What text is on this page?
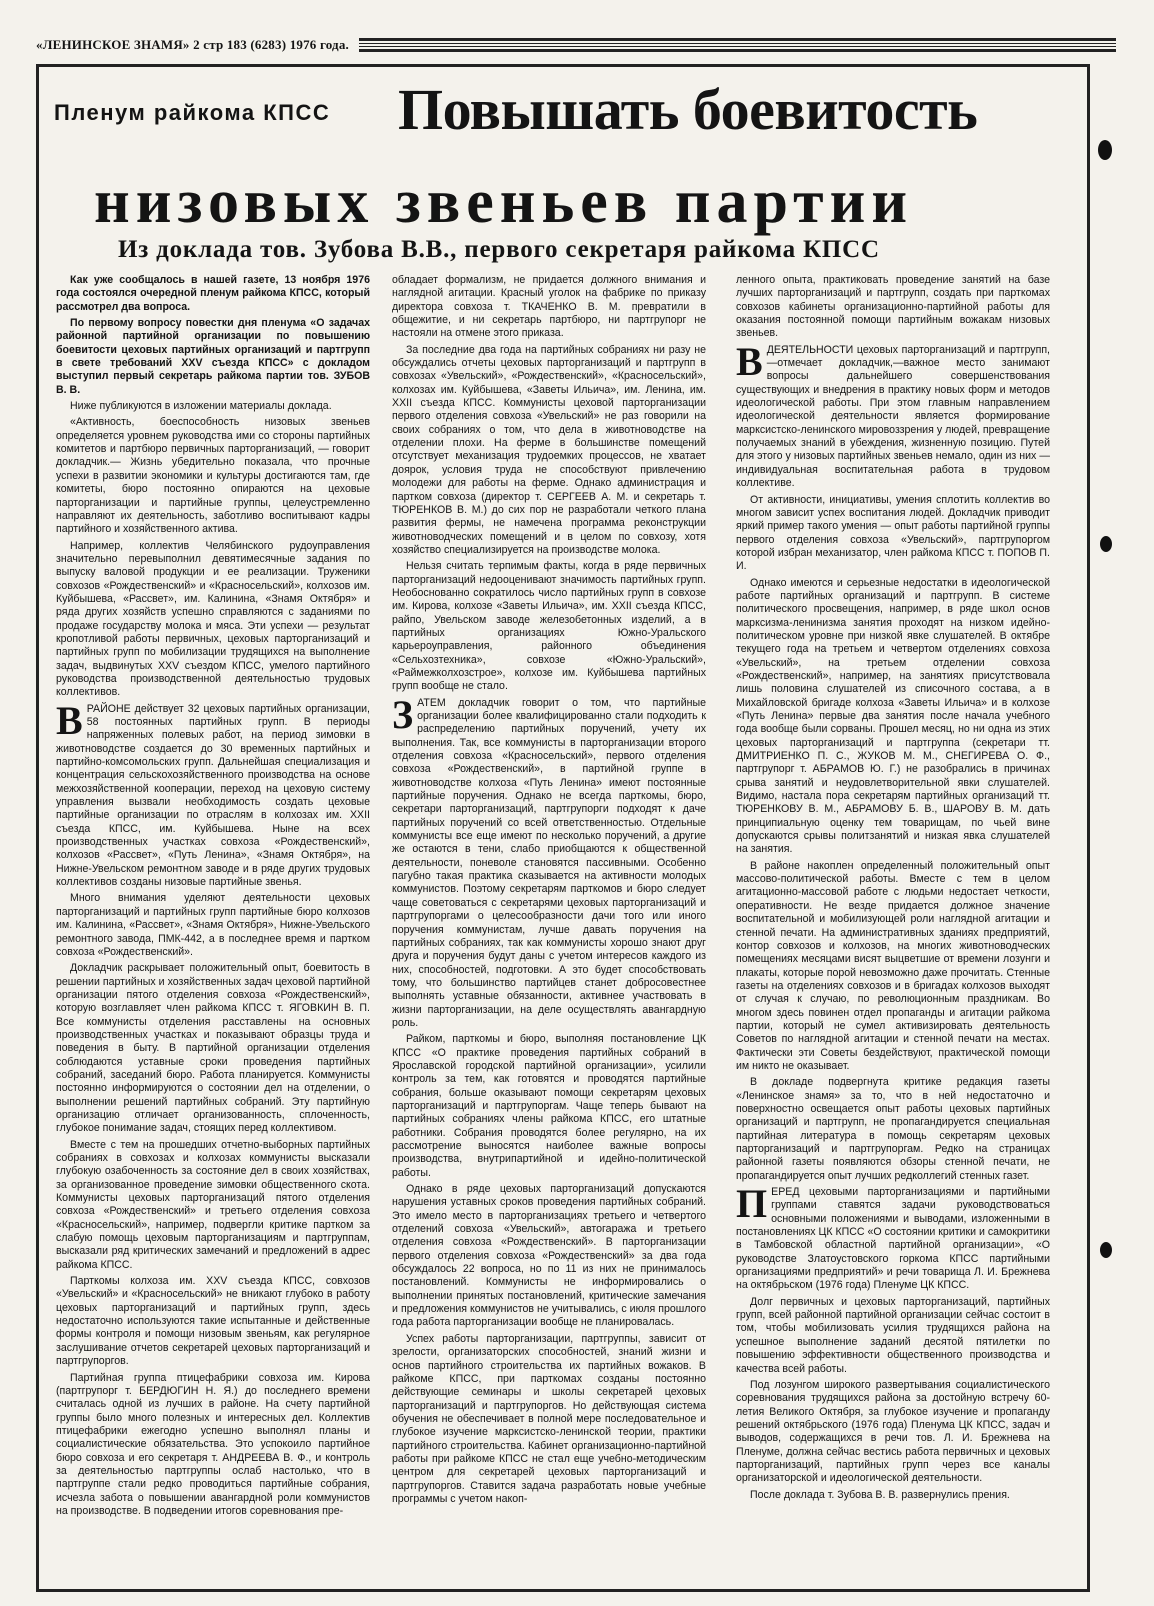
«ЛЕНИНСКОЕ ЗНАМЯ» 2 стр 183 (6283) 1976 года.
Пленум райкома КПСС Повышать боевитость
низовых звеньев партии
Из доклада тов. Зубова В.В., первого секретаря райкома КПСС

Как уже сообщалось в нашей газете, 13 ноября 1976 года состоялся очередной пленум райкома КПСС, который рассмотрел два вопроса.

По первому вопросу повестки дня пленума «О задачах районной партийной организации по повышению боевитости цеховых партийных организаций и партгрупп в свете требований XXV съезда КПСС» с докладом выступил первый секретарь райкома партии тов. ЗУБОВ В. В.

Ниже публикуются в изложении материалы доклада.

«Активность, боеспособность низовых звеньев определяется уровнем руководства ими со стороны партийных комитетов и партбюро первичных парторганизаций, — говорит докладчик.— Жизнь убедительно показала, что прочные успехи в развитии экономики и культуры достигаются там, где комитеты, бюро постоянно опираются на цеховые парторганизации и партийные группы, целеустремленно направляют их деятельность, заботливо воспитывают кадры партийного и хозяйственного актива.

Например, коллектив Челябинского рудоуправления значительно перевыполнил девятимесячные задания по выпуску валовой продукции и ее реализации. Труженики совхозов «Рождественский» и «Красносельский», колхозов им. Куйбышева, «Рассвет», им. Калинина, «Знамя Октября» и ряда других хозяйств успешно справляются с заданиями по продаже государству молока и мяса. Эти успехи — результат кропотливой работы первичных, цеховых парторганизаций и партийных групп по мобилизации трудящихся на выполнение задач, выдвинутых XXV съездом КПСС, умелого партийного руководства производственной деятельностью трудовых коллективов.

В РАЙОНЕ действует 32 цеховых партийных организации, 58 постоянных партийных групп. В периоды напряженных полевых работ, на период зимовки в животноводстве создается до 30 временных партийных и партийно-комсомольских групп. Дальнейшая специализация и концентрация сельскохозяйственного производства на основе межхозяйственной кооперации, переход на цеховую систему управления вызвали необходимость создать цеховые партийные организации по отраслям в колхозах им. XXII съезда КПСС, им. Куйбышева. Ныне на всех производственных участках совхоза «Рождественский», колхозов «Рассвет», «Путь Ленина», «Знамя Октября», на Нижне-Увельском ремонтном заводе и в ряде других трудовых коллективов созданы низовые партийные звенья.

Много внимания уделяют деятельности цеховых парторганизаций и партийных групп партийные бюро колхозов им. Калинина, «Рассвет», «Знамя Октября», Нижне-Увельского ремонтного завода, ПМК-442, а в последнее время и партком совхоза «Рождественский».

Докладчик раскрывает положительный опыт, боевитость в решении партийных и хозяйственных задач цеховой партийной организации пятого отделения совхоза «Рождественский», которую возглавляет член райкома КПСС т. ЯГОВКИН В. П. Все коммунисты отделения расставлены на основных производственных участках и показывают образцы труда и поведения в быту. В партийной организации отделения соблюдаются уставные сроки проведения партийных собраний, заседаний бюро. Работа планируется. Коммунисты постоянно информируются о состоянии дел на отделении, о выполнении решений партийных собраний. Эту партийную организацию отличает организованность, сплоченность, глубокое понимание задач, стоящих перед коллективом.

Вместе с тем на прошедших отчетно-выборных партийных собраниях в совхозах и колхозах коммунисты высказали глубокую озабоченность за состояние дел в своих хозяйствах, за организованное проведение зимовки общественного скота. Коммунисты цеховых парторганизаций пятого отделения совхоза «Рождественский» и третьего отделения совхоза «Красносельский», например, подвергли критике партком за слабую помощь цеховым парторганизациям и партгруппам, высказали ряд критических замечаний и предложений в адрес райкома КПСС.

Парткомы колхоза им. XXV съезда КПСС, совхозов «Увельский» и «Красносельский» не вникают глубоко в работу цеховых парторганизаций и партийных групп, здесь недостаточно используются такие испытанные и действенные формы контроля и помощи низовым звеньям, как регулярное заслушивание отчетов секретарей цеховых парторганизаций и партгрупоргов.

Партийная группа птицефабрики совхоза им. Кирова (партгрупорг т. БЕРДЮГИН Н. Я.) до последнего времени считалась одной из лучших в районе. На счету партийной группы было много полезных и интересных дел. Коллектив птицефабрики ежегодно успешно выполнял планы и социалистические обязательства. Это успокоило партийное бюро совхоза и его секретаря т. АНДРЕЕВА В. Ф., и контроль за деятельностью партгруппы ослаб настолько, что в партгруппе стали редко проводиться партийные собрания, исчезла забота о повышении авангардной роли коммунистов на производстве. В подведении итогов соревнования пре-

обладает формализм, не придается должного внимания и наглядной агитации. Красный уголок на фабрике по приказу директора совхоза т. ТКАЧЕНКО В. М. превратили в общежитие, и ни секретарь партбюро, ни партгрупорг не настояли на отмене этого приказа.

За последние два года на партийных собраниях ни разу не обсуждались отчеты цеховых парторганизаций и партгрупп в совхозах «Увельский», «Рождественский», «Красносельский», колхозах им. Куйбышева, «Заветы Ильича», им. Ленина, им. XXII съезда КПСС. Коммунисты цеховой парторганизации первого отделения совхоза «Увельский» не раз говорили на своих собраниях о том, что дела в животноводстве на отделении плохи. На ферме в большинстве помещений отсутствует механизация трудоемких процессов, не хватает доярок, условия труда не способствуют привлечению молодежи для работы на ферме. Однако администрация и партком совхоза (директор т. СЕРГЕЕВ А. М. и секретарь т. ТЮРЕНКОВ В. М.) до сих пор не разработали четкого плана развития фермы, не намечена программа реконструкции животноводческих помещений и в целом по совхозу, хотя хозяйство специализируется на производстве молока.

Нельзя считать терпимым факты, когда в ряде первичных парторганизаций недооценивают значимость партийных групп. Необоснованно сократилось число партийных групп в совхозе им. Кирова, колхозе «Заветы Ильича», им. XXII съезда КПСС, райпо, Увельском заводе железобетонных изделий, а в партийных организациях Южно-Уральского карьероуправления, районного объединения «Сельхозтехника», совхозе «Южно-Уральский», «Раймежколхозстрое», колхозе им. Куйбышева партийных групп вообще не стало.

ЗАТЕМ докладчик говорит о том, что партийные организации более квалифицированно стали подходить к распределению партийных поручений, учету их выполнения. Так, все коммунисты в парторганизации второго отделения совхоза «Красносельский», первого отделения совхоза «Рождественский», в партийной группе в животноводстве колхоза «Путь Ленина» имеют постоянные партийные поручения. Однако не всегда парткомы, бюро, секретари парторганизаций, партгрупорги подходят к даче партийных поручений со всей ответственностью. Отдельные коммунисты все еще имеют по несколько поручений, а другие же остаются в тени, слабо приобщаются к общественной деятельности, поневоле становятся пассивными. Особенно пагубно такая практика сказывается на активности молодых коммунистов. Поэтому секретарям парткомов и бюро следует чаще советоваться с секретарями цеховых парторганизаций и партгрупоргами о целесообразности дачи того или иного поручения коммунистам, лучше давать поручения на партийных собраниях, так как коммунисты хорошо знают друг друга и поручения будут даны с учетом интересов каждого из них, способностей, подготовки. А это будет способствовать тому, что большинство партийцев станет добросовестнее выполнять уставные обязанности, активнее участвовать в жизни парторганизации, на деле осуществлять авангардную роль.

Райком, парткомы и бюро, выполняя постановление ЦК КПСС «О практике проведения партийных собраний в Ярославской городской партийной организации», усилили контроль за тем, как готовятся и проводятся партийные собрания, больше оказывают помощи секретарям цеховых парторганизаций и партгрупоргам. Чаще теперь бывают на партийных собраниях члены райкома КПСС, его штатные работники. Собрания проводятся более регулярно, на их рассмотрение выносятся наиболее важные вопросы производства, внутрипартийной и идейно-политической работы.

Однако в ряде цеховых парторганизаций допускаются нарушения уставных сроков проведения партийных собраний. Это имело место в парторганизациях третьего и четвертого отделений совхоза «Увельский», автогаража и третьего отделения совхоза «Рождественский». В парторганизации первого отделения совхоза «Рождественский» за два года обсуждалось 22 вопроса, но по 11 из них не принималось постановлений. Коммунисты не информировались о выполнении принятых постановлений, критические замечания и предложения коммунистов не учитывались, с июля прошлого года работа парторганизации вообще не планировалась.

Успех работы парторганизации, партгруппы, зависит от зрелости, организаторских способностей, знаний жизни и основ партийного строительства их партийных вожаков. В райкоме КПСС, при парткомах созданы постоянно действующие семинары и школы секретарей цеховых парторганизаций и партгрупоргов. Но действующая система обучения не обеспечивает в полной мере последовательное и глубокое изучение марксистско-ленинской теории, практики партийного строительства. Кабинет организационно-партийной работы при райкоме КПСС не стал еще учебно-методическим центром для секретарей цеховых парторганизаций и партгрупоргов. Ставится задача разработать новые учебные программы с учетом накоп-

ленного опыта, практиковать проведение занятий на базе лучших парторганизаций и партгрупп, создать при парткомах совхозов кабинеты организационно-партийной работы для оказания постоянной помощи партийным вожакам низовых звеньев.

В ДЕЯТЕЛЬНОСТИ цеховых парторганизаций и партгрупп, —отмечает докладчик,—важное место занимают вопросы дальнейшего совершенствования существующих и внедрения в практику новых форм и методов идеологической работы. При этом главным направлением идеологической деятельности является формирование марксистско-ленинского мировоззрения у людей, превращение получаемых знаний в убеждения, жизненную позицию. Путей для этого у низовых партийных звеньев немало, один из них — индивидуальная воспитательная работа в трудовом коллективе.

От активности, инициативы, умения сплотить коллектив во многом зависит успех воспитания людей. Докладчик приводит яркий пример такого умения — опыт работы партийной группы первого отделения совхоза «Увельский», партгрупоргом которой избран механизатор, член райкома КПСС т. ПОПОВ П. И.

Однако имеются и серьезные недостатки в идеологической работе партийных организаций и партгрупп. В системе политического просвещения, например, в ряде школ основ марксизма-ленинизма занятия проходят на низком идейно-политическом уровне при низкой явке слушателей. В октябре текущего года на третьем и четвертом отделениях совхоза «Увельский», на третьем отделении совхоза «Рождественский», например, на занятиях присутствовала лишь половина слушателей из списочного состава, а в Михайловской бригаде колхоза «Заветы Ильича» и в колхозе «Путь Ленина» первые два занятия после начала учебного года вообще были сорваны. Прошел месяц, но ни одна из этих цеховых парторганизаций и партгруппа (секретари тт. ДМИТРИЕНКО П. С., ЖУКОВ М. М., СНЕГИРЕВА О. Ф., партгрупорг т. АБРАМОВ Ю. Г.) не разобрались в причинах срыва занятий и неудовлетворительной явки слушателей. Видимо, настала пора секретарям партийных организаций тт. ТЮРЕНКОВУ В. М., АБРАМОВУ Б. В., ШАРОВУ В. М. дать принципиальную оценку тем товарищам, по чьей вине допускаются срывы политзанятий и низкая явка слушателей на занятия.

В районе накоплен определенный положительный опыт массово-политической работы. Вместе с тем в целом агитационно-массовой работе с людьми недостает четкости, оперативности. Не везде придается должное значение воспитательной и мобилизующей роли наглядной агитации и стенной печати. На административных зданиях предприятий, контор совхозов и колхозов, на многих животноводческих помещениях месяцами висят выцветшие от времени лозунги и плакаты, которые порой невозможно даже прочитать. Стенные газеты на отделениях совхозов и в бригадах колхозов выходят от случая к случаю, по революционным праздникам. Во многом здесь повинен отдел пропаганды и агитации райкома партии, который не сумел активизировать деятельность Советов по наглядной агитации и стенной печати на местах. Фактически эти Советы бездействуют, практической помощи им никто не оказывает.

В докладе подвергнута критике редакция газеты «Ленинское знамя» за то, что в ней недостаточно и поверхностно освещается опыт работы цеховых партийных организаций и партгрупп, не пропагандируется специальная партийная литература в помощь секретарям цеховых парторганизаций и партгрупоргам. Редко на страницах районной газеты появляются обзоры стенной печати, не пропагандируется опыт лучших редколлегий стенных газет.

ПЕРЕД цеховыми парторганизациями и партийными группами ставятся задачи руководствоваться основными положениями и выводами, изложенными в постановлениях ЦК КПСС «О состоянии критики и самокритики в Тамбовской областной партийной организации», «О руководстве Златоустовского горкома КПСС партийными организациями предприятий» и речи товарища Л. И. Брежнева на октябрьском (1976 года) Пленуме ЦК КПСС.

Долг первичных и цеховых парторганизаций, партийных групп, всей районной партийной организации сейчас состоит в том, чтобы мобилизовать усилия трудящихся района на успешное выполнение заданий десятой пятилетки по повышению эффективности общественного производства и качества всей работы.

Под лозунгом широкого развертывания социалистического соревнования трудящихся района за достойную встречу 60-летия Великого Октября, за глубокое изучение и пропаганду решений октябрьского (1976 года) Пленума ЦК КПСС, задач и выводов, содержащихся в речи тов. Л. И. Брежнева на Пленуме, должна сейчас вестись работа первичных и цеховых парторганизаций, партийных групп через все каналы организаторской и идеологической деятельности.

После доклада т. Зубова В. В. развернулись прения.
